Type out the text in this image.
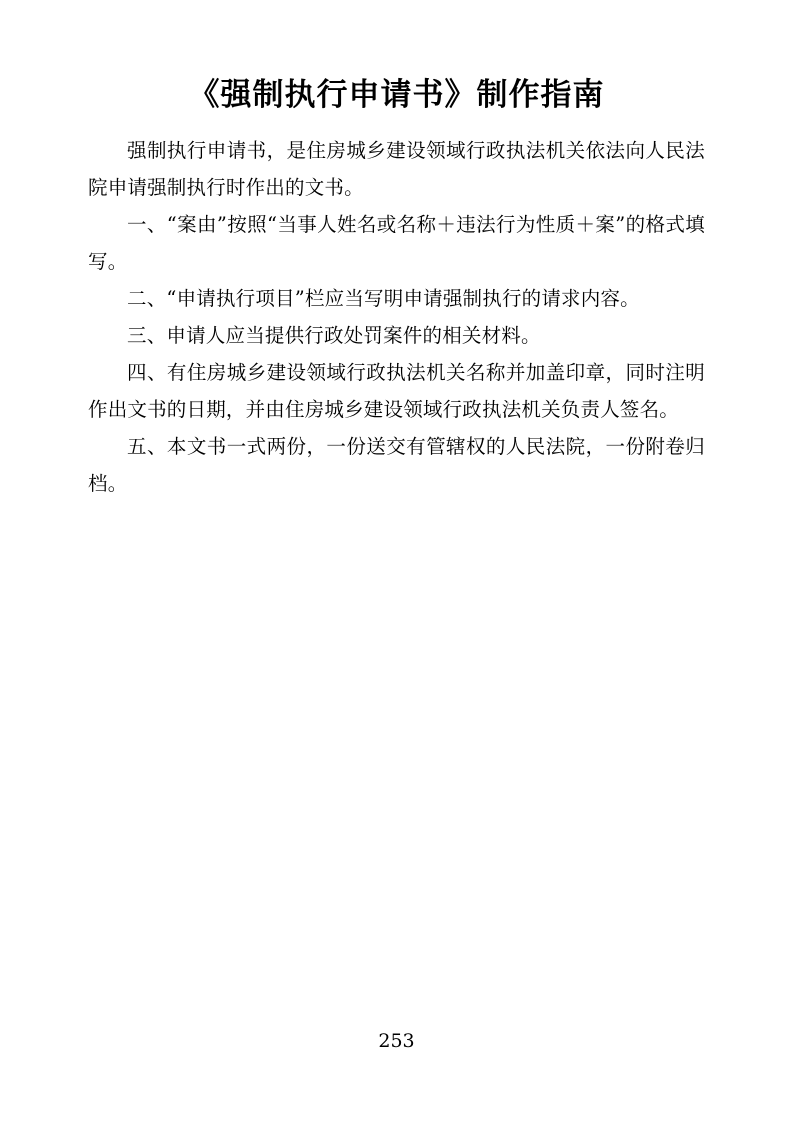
《强制执行申请书》制作指南

强制执行申请书，是住房城乡建设领域行政执法机关依法向人民法院申请强制执行时作出的文书。

一、“案由”按照“当事人姓名或名称＋违法行为性质＋案”的格式填写。

二、“申请执行项目”栏应当写明申请强制执行的请求内容。

三、申请人应当提供行政处罚案件的相关材料。

四、有住房城乡建设领域行政执法机关名称并加盖印章，同时注明作出文书的日期，并由住房城乡建设领域行政执法机关负责人签名。

五、本文书一式两份，一份送交有管辖权的人民法院，一份附卷归档。

253
